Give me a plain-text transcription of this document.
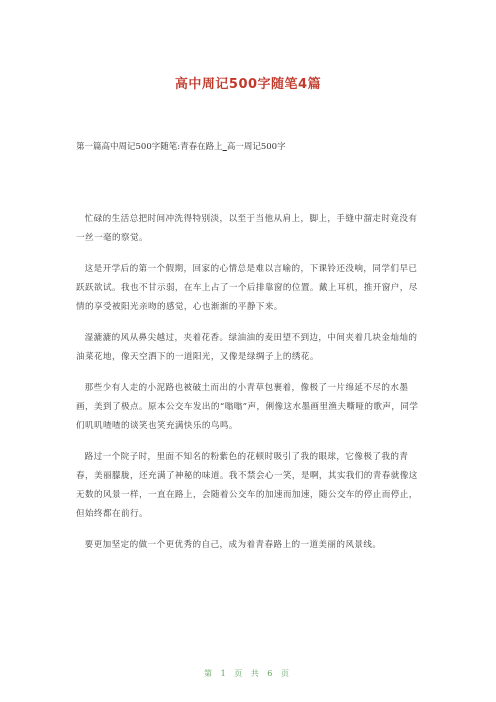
高中周记500字随笔4篇
第一篇高中周记500字随笔:青春在路上_高一周记500字

忙碌的生活总把时间冲洗得特别淡，以至于当他从肩上，脚上，手缝中溜走时竟没有一丝一毫的察觉。

这是开学后的第一个假期，回家的心情总是难以言喻的，下课铃还没响，同学们早已跃跃欲试。我也不甘示弱，在车上占了一个后排靠窗的位置。戴上耳机，推开窗户，尽情的享受被阳光亲吻的感觉，心也渐渐的平静下来。

湿漉漉的风从鼻尖越过，夹着花香。绿油油的麦田望不到边，中间夹着几块金灿灿的油菜花地，像天空洒下的一道阳光，又像是绿绸子上的绣花。

那些少有人走的小泥路也被破土而出的小青草包裹着，像极了一片绵延不尽的水墨画，美到了极点。原本公交车发出的“嗡嗡”声，俐像这水墨画里渔夫嘶哑的歌声，同学们叽叽喳喳的谈笑也笑充满快乐的鸟鸣。

路过一个院子时，里面不知名的粉紫色的花顿时吸引了我的眼球，它像极了我的青春，美丽朦胧，还充满了神秘的味道。我不禁会心一笑，是啊，其实我们的青春就像这无数的风景一样，一直在路上，会随着公交车的加速而加速，随公交车的停止而停止，但始终都在前行。

要更加坚定的做一个更优秀的自己，成为着青春路上的一道美丽的风景线。

第 1 页 共 6 页
